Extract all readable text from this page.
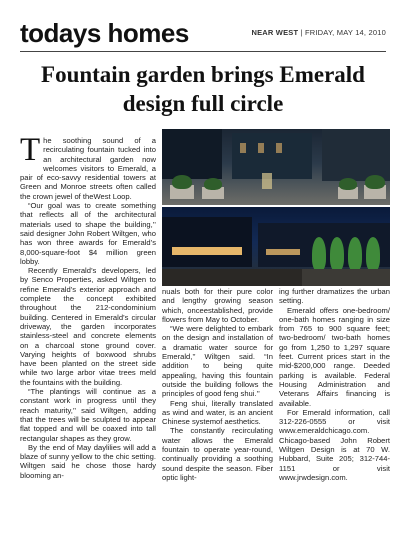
todays homes	NEAR WEST | FRIDAY, MAY 14, 2010
Fountain garden brings Emerald design full circle

The soothing sound of a recirculating fountain tucked into an architectural garden now welcomes visitors to Emerald, a pair of eco-savvy residential towers at Green and Monroe streets often called the crown jewel of theWest Loop.

“Our goal was to create something that reflects all of the architectural materials used to shape the building,’’ said designer John Robert Wiltgen, who has won three awards for Emerald’s 8,000-square-foot $4 million green lobby.

Recently Emerald’s developers, led by Senco Properties, asked Wiltgen to refine Emerald’s exterior approach and complete the concept exhibited throughout the 212-condominium building. Centered in Emerald’s circular driveway, the garden incorporates stainless-steel and concrete elements on a charcoal stone ground cover. Varying heights of boxwood shrubs have been planted on the street side while two large arbor vitae trees meld the fountains with the building.

“The plantings will continue as a constant work in progress until they reach maturity,’’ said Wiltgen, adding that the trees will be sculpted to appear flat topped and will be coaxed into tall rectangular shapes as they grow.

By the end of May daylilies will add a blaze of sunny yellow to the chic setting. Wiltgen said he chose those hardy blooming an-

nuals both for their pure color and lengthy growing season which, onceestablished, provide flowers from May to October.

“We were delighted to embark on the design and installation of a dramatic water source for Emerald,’’ Wiltgen said. “In addition to being quite appealing, having this fountain outside the building follows the principles of good feng shui.’’

Feng shui, literally translated as wind and water, is an ancient Chinese systemof aesthetics.

The constantly recirculating water allows the Emerald fountain to operate year-round, continually providing a soothing sound despite the season. Fiber optic light-

ing further dramatizes the urban setting.

Emerald offers one-bedroom/ one-bath homes ranging in size from 765 to 900 square feet; two-bedroom/ two-bath homes go from 1,250 to 1,297 square feet. Current prices start in the mid-$200,000 range. Deeded parking is available. Federal Housing Administration and Veterans Affairs financing is available.

For Emerald information, call 312-226-0555 or visit www.emeraldchicago.com. Chicago-based John Robert Wiltgen Design is at 70 W. Hubbard, Suite 205; 312-744-1151 or visit www.jrwdesign.com.
